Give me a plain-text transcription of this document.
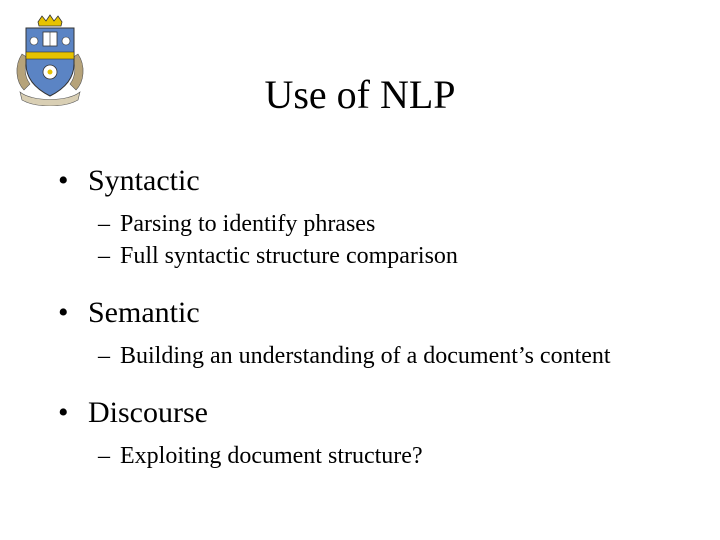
Use of NLP
• Syntactic
– Parsing to identify phrases
– Full syntactic structure comparison
• Semantic
– Building an understanding of a document’s content
• Discourse
– Exploiting document structure?
